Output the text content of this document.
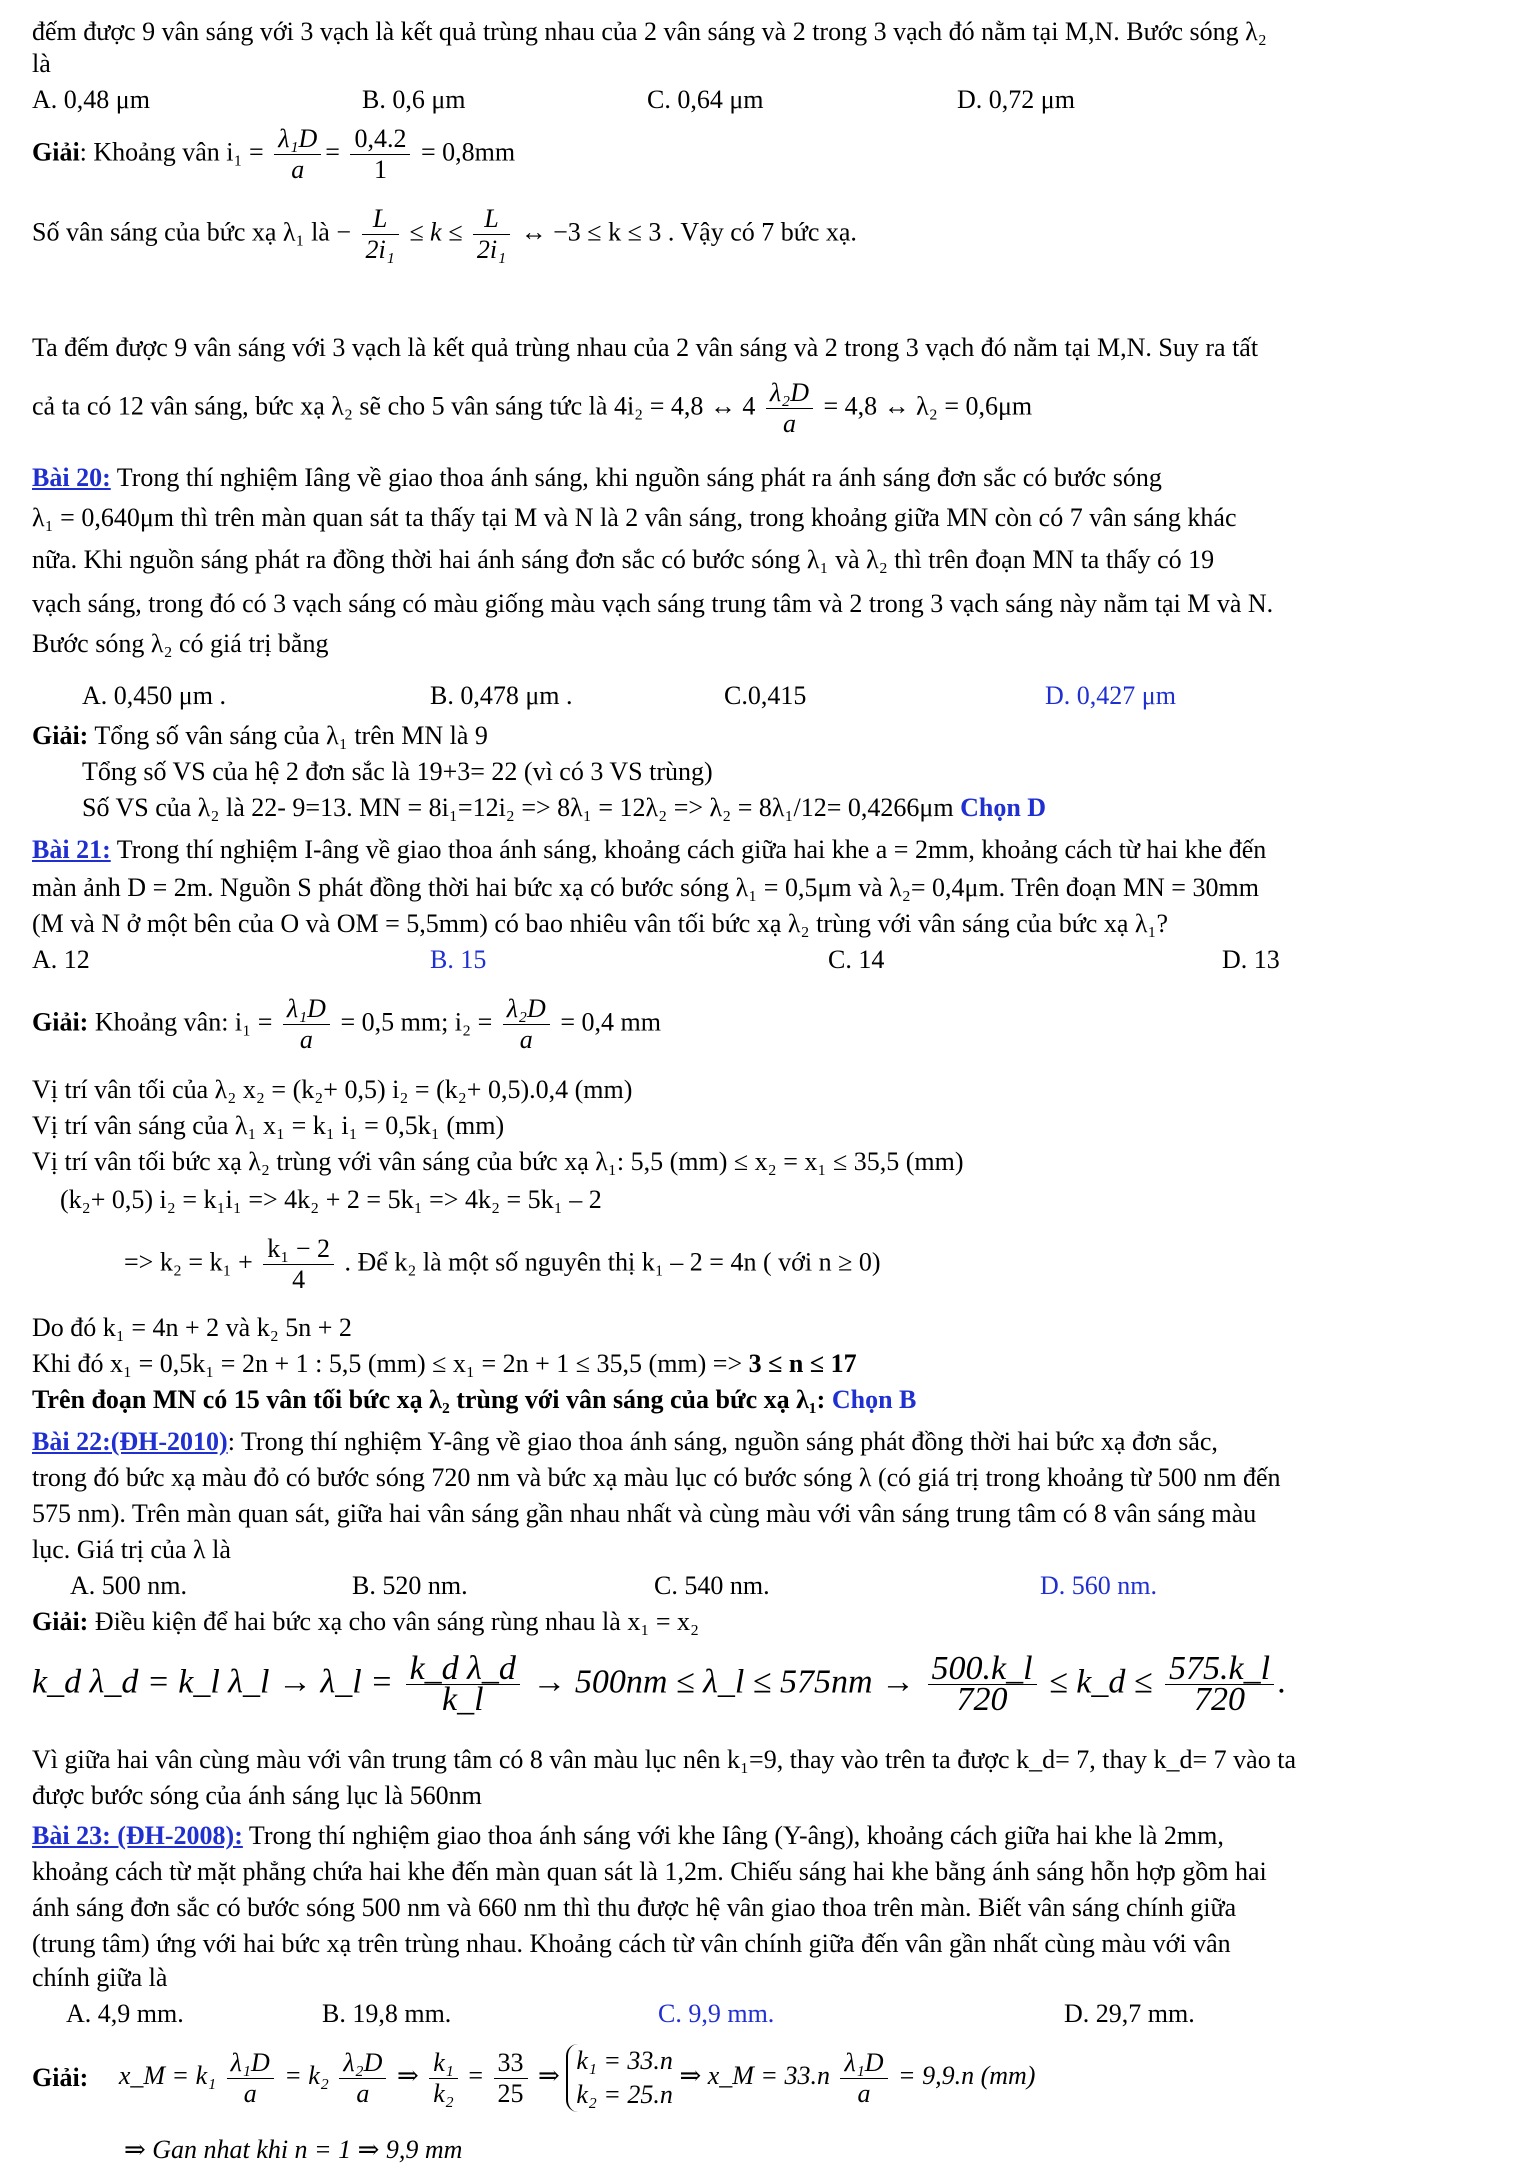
đếm được 9 vân sáng với 3 vạch là kết quả trùng nhau của 2 vân sáng và 2 trong 3 vạch đó nằm tại M,N. Bước sóng λ₂
là
A. 0,48 μm	B. 0,6 μm	C. 0,64 μm	D. 0,72 μm
Giải: Khoảng vân $i_1 = \frac{\text{λ₁D}}{a} = \frac{0,4.2}{1} = 0,8mm$
Số vân sáng của bức xạ λ₁ là − $\frac{L}{\text{2i₁}} \le k \le \frac{L}{\text{2i₁}}$ ↔ −3 ≤ k ≤ 3 . Vậy có 7 bức xạ.
Ta đếm được 9 vân sáng với 3 vạch là kết quả trùng nhau của 2 vân sáng và 2 trong 3 vạch đó nằm tại M,N. Suy ra tất
cả ta có 12 vân sáng, bức xạ λ₂ sẽ cho 5 vân sáng tức là 4i₂ = 4,8 ↔ $4 \frac{\text{λ₂D}}{a} = 4,8$ ↔ λ₂ = 0,6μm
Bài 20: Trong thí nghiệm Iâng về giao thoa ánh sáng, khi nguồn sáng phát ra ánh sáng đơn sắc có bước sóng
λ₁ = 0,640μm thì trên màn quan sát ta thấy tại M và N là 2 vân sáng, trong khoảng giữa MN còn có 7 vân sáng khác
nữa. Khi nguồn sáng phát ra đồng thời hai ánh sáng đơn sắc có bước sóng λ₁ và λ₂ thì trên đoạn MN ta thấy có 19
vạch sáng, trong đó có 3 vạch sáng có màu giống màu vạch sáng trung tâm và 2 trong 3 vạch sáng này nằm tại M và N.
Bước sóng λ₂ có giá trị bằng
A. 0,450 μm .	B. 0,478 μm .	C.0,415	D. 0,427 μm
Giải: Tổng số vân sáng của λ₁ trên MN là 9
Tổng số VS của hệ 2 đơn sắc là 19+3= 22 (vì có 3 VS trùng)
Số VS của λ₂ là 22- 9=13. MN = 8i₁=12i₂ => 8λ₁ = 12λ₂ => λ₂ = 8λ₁/12= 0,4266μm Chọn D
Bài 21: Trong thí nghiệm I-âng về giao thoa ánh sáng, khoảng cách giữa hai khe a = 2mm, khoảng cách từ hai khe đến
màn ảnh D = 2m. Nguồn S phát đồng thời hai bức xạ có bước sóng λ₁ = 0,5μm và λ₂= 0,4μm. Trên đoạn MN = 30mm
(M và N ở một bên của O và OM = 5,5mm) có bao nhiêu vân tối bức xạ λ₂ trùng với vân sáng của bức xạ λ₁?
A. 12	B. 15	C. 14	D. 13
Giải: Khoảng vân: $i_1 = \frac{\text{λ₁D}}{a} = 0,5$ mm; $i_2 = \frac{\text{λ₂D}}{a} = 0,4$ mm
Vị trí vân tối của λ₂ x₂ = (k₂+ 0,5) i₂ = (k₂+ 0,5).0,4 (mm)
Vị trí vân sáng của λ₁ x₁ = k₁ i₁ = 0,5k₁ (mm)
Vị trí vân tối bức xạ λ₂ trùng với vân sáng của bức xạ λ₁: 5,5 (mm) ≤ x₂ = x₁ ≤ 35,5 (mm)
(k₂+ 0,5) i₂ = k₁i₁ => 4k₂ + 2 = 5k₁ => 4k₂ = 5k₁ – 2
=> $k_2 = k_1 + \frac{\text{k₁ − 2}}{4}$ . Để k₂ là một số nguyên thị k₁ – 2 = 4n ( với n ≥ 0)
Do đó k₁ = 4n + 2 và k₂ 5n + 2
Khi đó x₁ = 0,5k₁ = 2n + 1 : 5,5 (mm) ≤ x₁ = 2n + 1 ≤ 35,5 (mm) => 3 ≤ n ≤ 17
Trên đoạn MN có 15 vân tối bức xạ λ₂ trùng với vân sáng của bức xạ λ₁: Chọn B
Bài 22:(ĐH-2010): Trong thí nghiệm Y-âng về giao thoa ánh sáng, nguồn sáng phát đồng thời hai bức xạ đơn sắc,
trong đó bức xạ màu đỏ có bước sóng 720 nm và bức xạ màu lục có bước sóng λ (có giá trị trong khoảng từ 500 nm đến
575 nm). Trên màn quan sát, giữa hai vân sáng gần nhau nhất và cùng màu với vân sáng trung tâm có 8 vân sáng màu
lục. Giá trị của λ là
A. 500 nm.	B. 520 nm.	C. 540 nm.	D. 560 nm.
Giải: Điều kiện để hai bức xạ cho vân sáng rùng nhau là x₁ = x₂
k_d λ_d = k_l λ_l → λ_l = $\frac{\text{k\_d λ\_d}}{k\_l} \to 500nm$ ≤ λ_l ≤ $575nm \to \frac{500.k\_l}{720}$ ≤ k_d ≤ $\frac{575.k\_l}{720}$ .
Vì giữa hai vân cùng màu với vân trung tâm có 8 vân màu lục nên k₁=9, thay vào trên ta được k_d= 7, thay k_d= 7 vào ta
được bước sóng của ánh sáng lục là 560nm
Bài 23: (ĐH-2008): Trong thí nghiệm giao thoa ánh sáng với khe Iâng (Y-âng), khoảng cách giữa hai khe là 2mm,
khoảng cách từ mặt phẳng chứa hai khe đến màn quan sát là 1,2m. Chiếu sáng hai khe bằng ánh sáng hỗn hợp gồm hai
ánh sáng đơn sắc có bước sóng 500 nm và 660 nm thì thu được hệ vân giao thoa trên màn. Biết vân sáng chính giữa
(trung tâm) ứng với hai bức xạ trên trùng nhau. Khoảng cách từ vân chính giữa đến vân gần nhất cùng màu với vân
chính giữa là
A. 4,9 mm.	B. 19,8 mm.	C. 9,9 mm.	D. 29,7 mm.
Giải: x_M = $k_1 \frac{\text{λ₁D}}{a} = k_2 \frac{\text{λ₂D}}{a}$ ⇒ $\frac{\text{k₁}}{\text{k₂}} = \frac{33}{25}$ ⇒ k₁ = 33.n
k₂ = 25.n ⇒ x_M = $33.n \frac{\text{λ₁D}}{a} = 9,9.n$ (mm)
⇒ Gan nhat khi n = 1 ⇒ 9,9 mm
